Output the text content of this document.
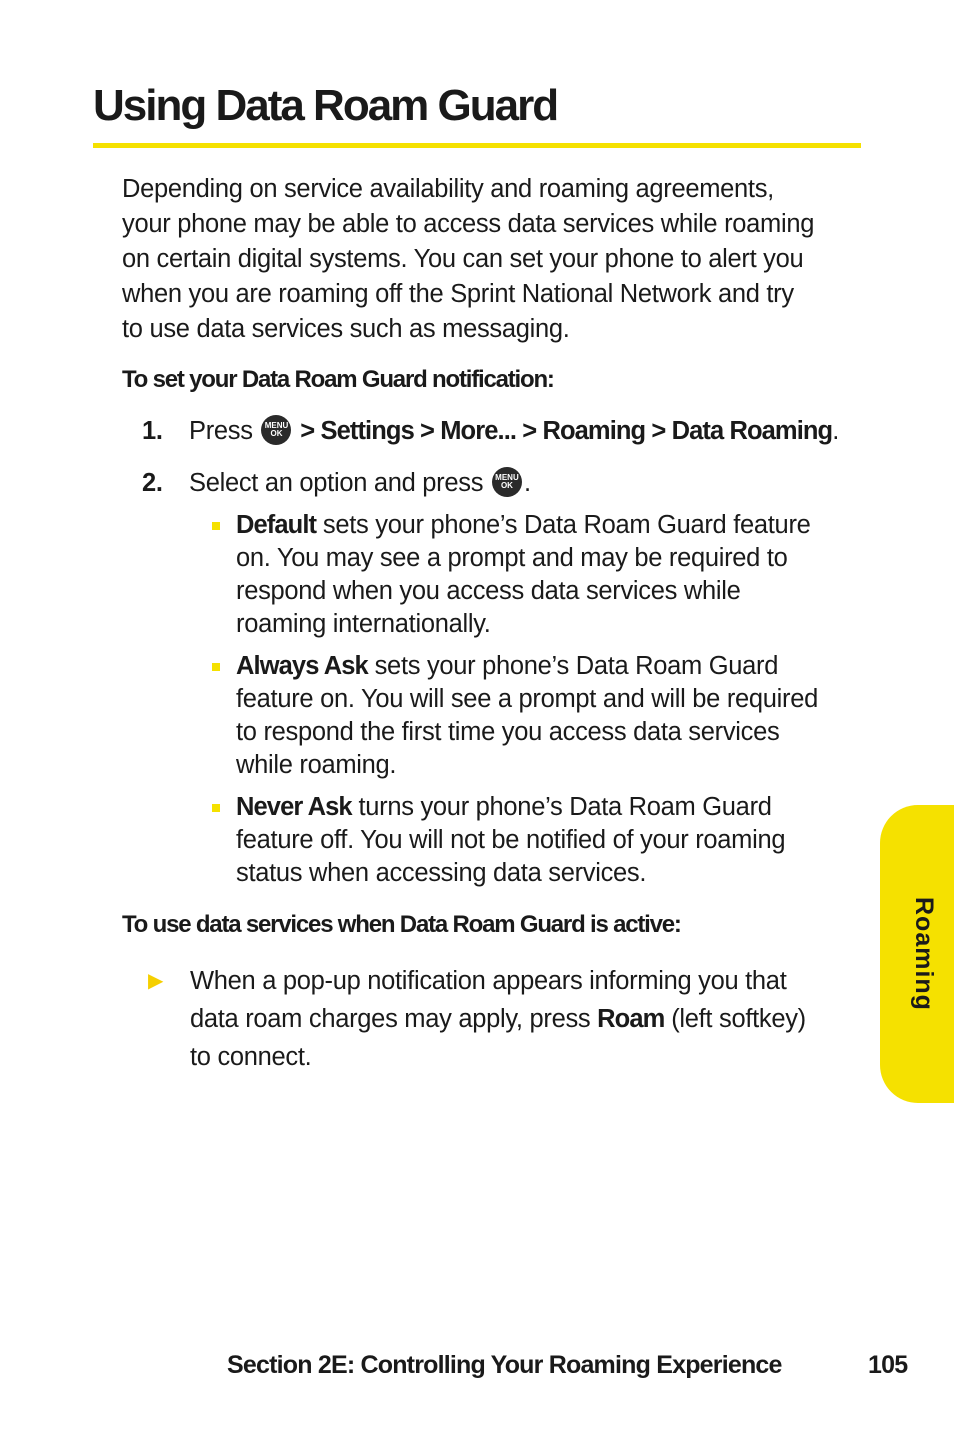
Using Data Roam Guard

Depending on service availability and roaming agreements,
your phone may be able to access data services while roaming
on certain digital systems. You can set your phone to alert you
when you are roaming off the Sprint National Network and try
to use data services such as messaging.

To set your Data Roam Guard notification:
1. Press	MENU
OK > Settings > More... > Roaming > Data Roaming.
2. Select an option and press	MENU
OK .
Default sets your phone’s Data Roam Guard feature
on. You may see a prompt and may be required to
respond when you access data services while
roaming internationally.
Always Ask sets your phone’s Data Roam Guard
feature on. You will see a prompt and will be required
to respond the first time you access data services
while roaming.
Never Ask turns your phone’s Data Roam Guard
feature off. You will not be notified of your roaming
status when accessing data services.
To use data services when Data Roam Guard is active:
▶ When a pop-up notification appears informing you that
data roam charges may apply, press Roam (left softkey)
to connect.
Roaming
Section 2E: Controlling Your Roaming Experience	105
